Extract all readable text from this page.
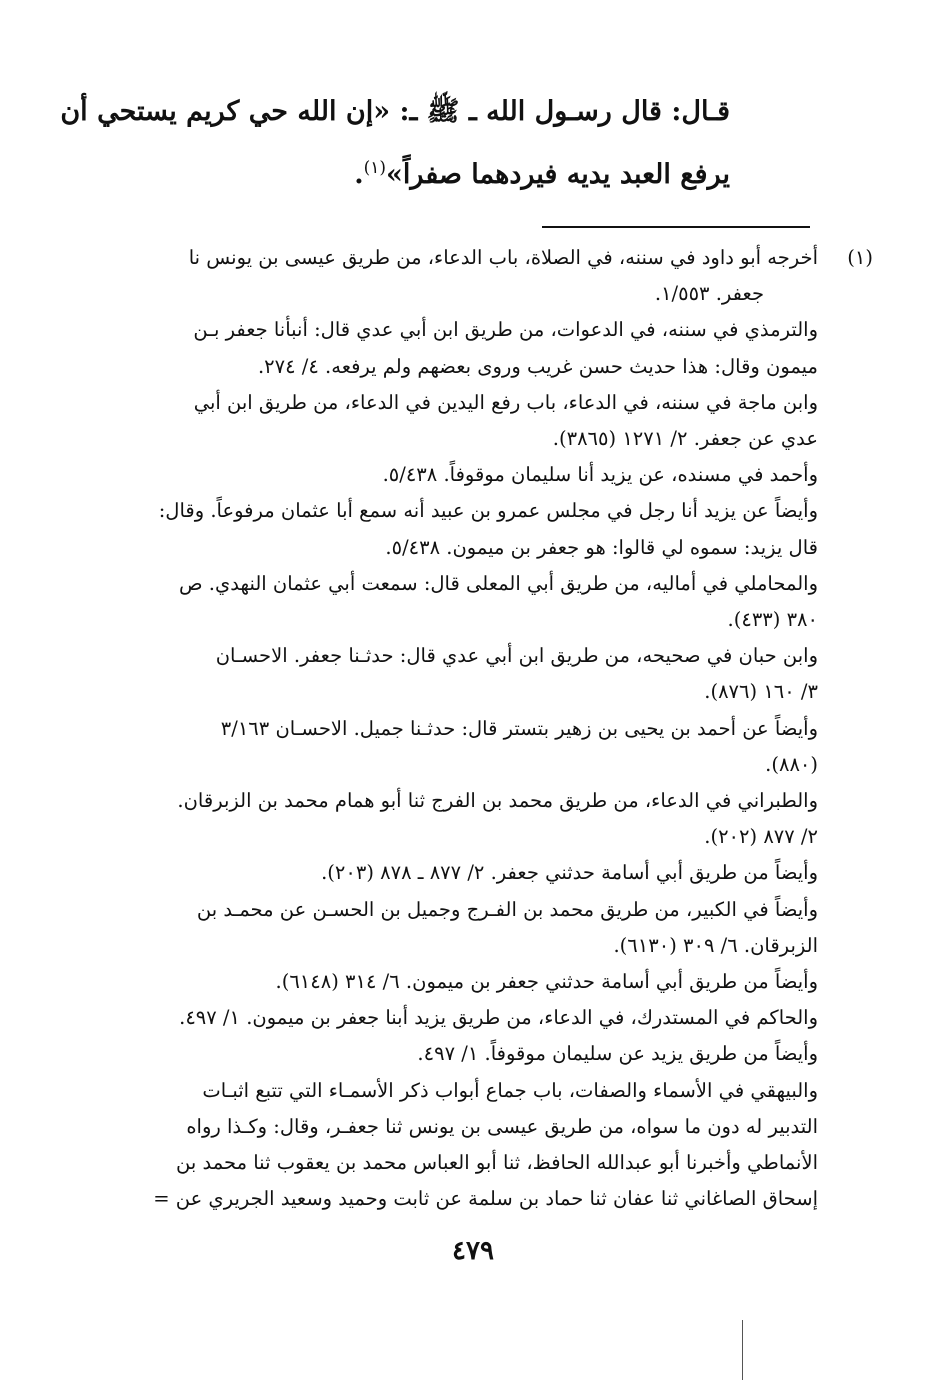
قـال: قال رسـول الله ـ ﷺ ـ: «إن الله حي كريم يستحي أن
يرفع العبد يديه فيردهما صفراً»$^{(١)}$.
(١)
أخرجه أبو داود في سننه، في الصلاة، باب الدعاء، من طريق عيسى بن يونس نا
جعفر. ١/٥٥٣.
والترمذي في سننه، في الدعوات، من طريق ابن أبي عدي قال: أنبأنا جعفر بـن
ميمون وقال: هذا حديث حسن غريب وروى بعضهم ولم يرفعه. ٤/ ٢٧٤.
وابن ماجة في سننه، في الدعاء، باب رفع اليدين في الدعاء، من طريق ابن أبي
عدي عن جعفر. ٢/ ١٢٧١ (٣٨٦٥).
وأحمد في مسنده، عن يزيد أنا سليمان موقوفاً. ٥/٤٣٨.
وأيضاً عن يزيد أنا رجل في مجلس عمرو بن عبيد أنه سمع أبا عثمان مرفوعاً. وقال:
قال يزيد: سموه لي قالوا: هو جعفر بن ميمون. ٥/٤٣٨.
والمحاملي في أماليه، من طريق أبي المعلى قال: سمعت أبي عثمان النهدي. ص
٣٨٠ (٤٣٣).
وابن حبان في صحيحه، من طريق ابن أبي عدي قال: حدثـنا جعفر. الاحسـان
٣/ ١٦٠ (٨٧٦).
وأيضاً عن أحمد بن يحيى بن زهير بتستر قال: حدثـنا جميل. الاحسـان ٣/١٦٣
(٨٨٠).
والطبراني في الدعاء، من طريق محمد بن الفرج ثنا أبو همام محمد بن الزبرقان.
٢/ ٨٧٧ (٢٠٢).
وأيضاً من طريق أبي أسامة حدثني جعفر. ٢/ ٨٧٧ ـ ٨٧٨ (٢٠٣).
وأيضاً في الكبير، من طريق محمد بن الفـرج وجميل بن الحسـن عن محمـد بن
الزبرقان. ٦/ ٣٠٩ (٦١٣٠).
وأيضاً من طريق أبي أسامة حدثني جعفر بن ميمون. ٦/ ٣١٤ (٦١٤٨).
والحاكم في المستدرك، في الدعاء، من طريق يزيد أبنا جعفر بن ميمون. ١/ ٤٩٧.
وأيضاً من طريق يزيد عن سليمان موقوفاً. ١/ ٤٩٧.
والبيهقي في الأسماء والصفات، باب جماع أبواب ذكر الأسمـاء التي تتبع اثبـات
التدبير له دون ما سواه، من طريق عيسى بن يونس ثنا جعفـر، وقال: وكـذا رواه
الأنماطي وأخبرنا أبو عبدالله الحافظ، ثنا أبو العباس محمد بن يعقوب ثنا محمد بن
إسحاق الصاغاني ثنا عفان ثنا حماد بن سلمة عن ثابت وحميد وسعيد الجريري عن =
٤٧٩
